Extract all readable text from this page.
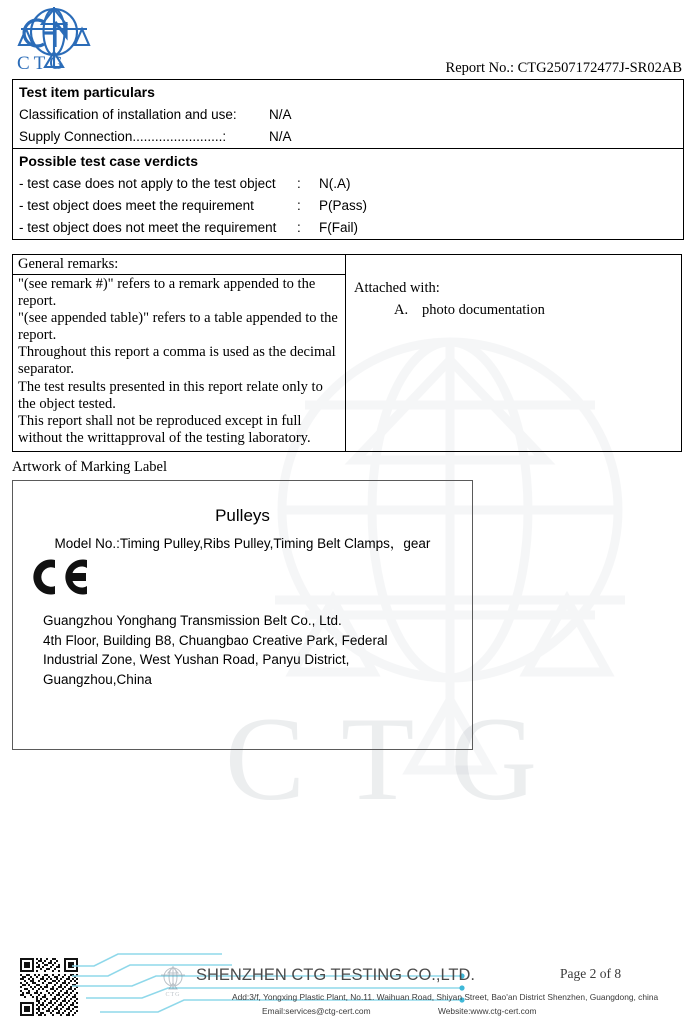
CTG
CTG	Report No.: CTG2507172477J-SR02AB
Test item particulars
Classification of installation and use: N/A
Supply Connection........................:	N/A
Possible test case verdicts
- test case does not apply to the test object : N(.A)
- test object does meet the requirement	: P(Pass)
- test object does not meet the requirement : F(Fail)
General remarks:

"(see remark #)" refers to a remark appended to the report.

"(see appended table)" refers to a table appended to the report.

Throughout this report a comma is used as the decimal separator.

The test results presented in this report relate only to the object tested.

This report shall not be reproduced except in full without the writtapproval of the testing laboratory.

Attached with:
A. photo documentation
Artwork of Marking Label
Pulleys
Model No.:Timing Pulley,Ribs Pulley,Timing Belt Clamps，gear

Guangzhou Yonghang Transmission Belt Co., Ltd.

4th Floor, Building B8, Chuangbao Creative Park, Federal

Industrial Zone, West Yushan Road, Panyu District,

Guangzhou,China

CTG
SHENZHEN CTG TESTING CO.,LTD.
Add:3/f, Yongxing Plastic Plant, No.11. Waihuan Road, Shiyan Street, Bao'an District Shenzhen, Guangdong, china
Email:services@ctg-cert.com	Website:www.ctg-cert.com
Page 2 of 8
